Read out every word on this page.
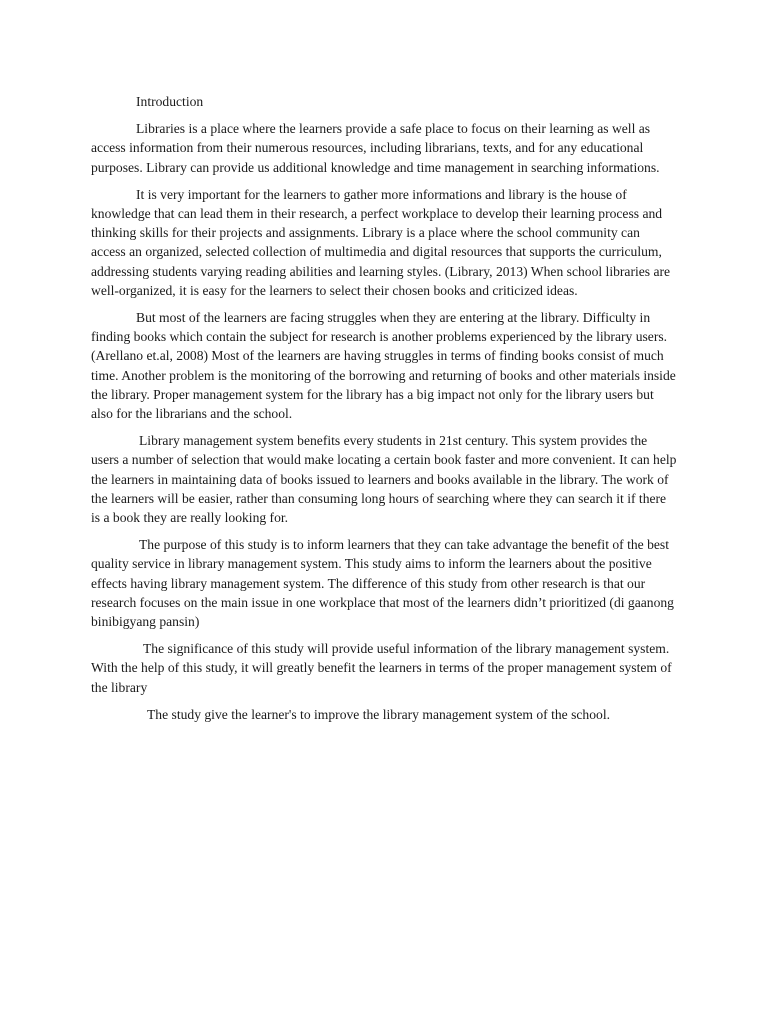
Introduction

Libraries is a place where the learners provide a safe place to focus on their learning as well as access information from their numerous resources, including librarians, texts, and for any educational purposes. Library can provide us additional knowledge and time management in searching informations.

It is very important for the learners to gather more informations and library is the house of knowledge that can lead them in their research, a perfect workplace to develop their learning process and thinking skills for their projects and assignments. Library is a place where the school community can access an organized, selected collection of multimedia and digital resources that supports the curriculum, addressing students varying reading abilities and learning styles. (Library, 2013) When school libraries are well-organized, it is easy for the learners to select their chosen books and criticized ideas.

But most of the learners are facing struggles when they are entering at the library. Difficulty in finding books which contain the subject for research is another problems experienced by the library users. (Arellano et.al, 2008) Most of the learners are having struggles in terms of finding books consist of much time. Another problem is the monitoring of the borrowing and returning of books and other materials inside the library. Proper management system for the library has a big impact not only for the library users but also for the librarians and the school.

Library management system benefits every students in 21st century. This system provides the users a number of selection that would make locating a certain book faster and more convenient. It can help the learners in maintaining data of books issued to learners and books available in the library. The work of the learners will be easier, rather than consuming long hours of searching where they can search it if there is a book they are really looking for.

The purpose of this study is to inform learners that they can take advantage the benefit of the best quality service in library management system. This study aims to inform the learners about the positive effects having library management system. The difference of this study from other research is that our research focuses on the main issue in one workplace that most of the learners didn’t prioritized (di gaanong binibigyang pansin)

The significance of this study will provide useful information of the library management system. With the help of this study, it will greatly benefit the learners in terms of the proper management system of the library

The study give the learner's to improve the library management system of the school.
